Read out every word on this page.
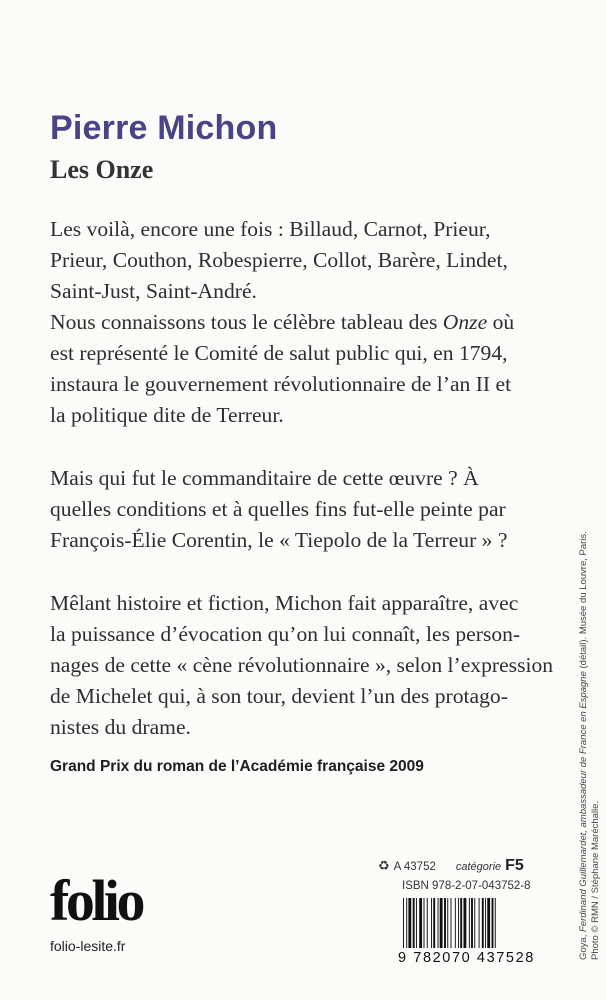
Pierre Michon
Les Onze

Les voilà, encore une fois : Billaud, Carnot, Prieur,

Prieur, Couthon, Robespierre, Collot, Barère, Lindet,

Saint-Just, Saint-André.

Nous connaissons tous le célèbre tableau des Onze où

est représenté le Comité de salut public qui, en 1794,

instaura le gouvernement révolutionnaire de l’an II et

la politique dite de Terreur.

Mais qui fut le commanditaire de cette œuvre ? À

quelles conditions et à quelles fins fut-elle peinte par

François-Élie Corentin, le « Tiepolo de la Terreur » ?

Mêlant histoire et fiction, Michon fait apparaître, avec

la puissance d’évocation qu’on lui connaît, les person-

nages de cette « cène révolutionnaire », selon l’expression

de Michelet qui, à son tour, devient l’un des protago-

nistes du drame.

Grand Prix du roman de l’Académie française 2009

folio
folio-lesite.fr
♻ A 43752 catégorie F5
ISBN 978-2-07-043752-8
9 782070 437528	Goya, Ferdinand Guillemardet, ambassadeur de France en Espagne (détail). Musée du Louvre, Paris.
Photo © RMN / Stéphane Maréchalle.
